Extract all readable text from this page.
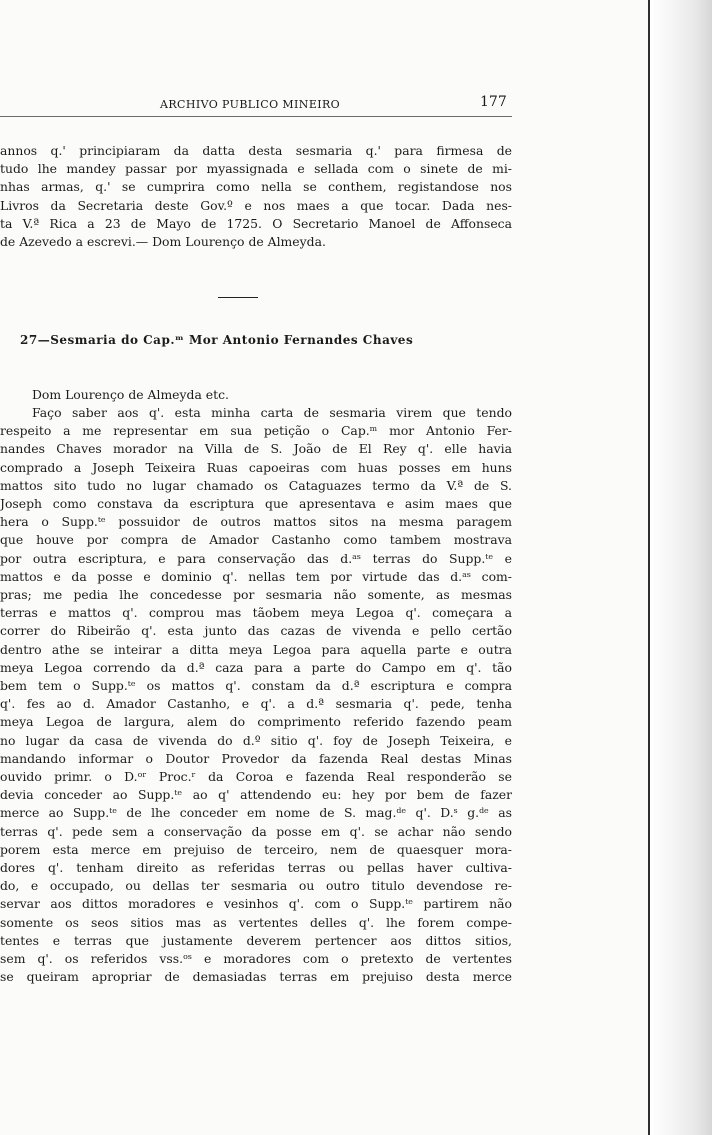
ARCHIVO PUBLICO MINEIRO	177
annos q.' principiaram da datta desta sesmaria q.' para firmesa de
tudo lhe mandey passar por myassignada e sellada com o sinete de mi-
nhas armas, q.' se cumprira como nella se conthem, registandose nos
Livros da Secretaria deste Gov.º e nos maes a que tocar. Dada nes-
ta V.ª Rica a 23 de Mayo de 1725. O Secretario Manoel de Affonseca
de Azevedo a escrevi.— Dom Lourenço de Almeyda.
27—Sesmaria do Cap.ᵐ Mor Antonio Fernandes Chaves
Dom Lourenço de Almeyda etc.
Faço saber aos q'. esta minha carta de sesmaria virem que tendo
respeito a me representar em sua petição o Cap.ᵐ mor Antonio Fer-
nandes Chaves morador na Villa de S. João de El Rey q'. elle havia
comprado a Joseph Teixeira Ruas capoeiras com huas posses em huns
mattos sito tudo no lugar chamado os Cataguazes termo da V.ª de S.
Joseph como constava da escriptura que apresentava e asim maes que
hera o Supp.ᵗᵉ possuidor de outros mattos sitos na mesma paragem
que houve por compra de Amador Castanho como tambem mostrava
por outra escriptura, e para conservação das d.ᵃˢ terras do Supp.ᵗᵉ e
mattos e da posse e dominio q'. nellas tem por virtude das d.ᵃˢ com-
pras; me pedia lhe concedesse por sesmaria não somente, as mesmas
terras e mattos q'. comprou mas tãobem meya Legoa q'. começara a
correr do Ribeirão q'. esta junto das cazas de vivenda e pello certão
dentro athe se inteirar a ditta meya Legoa para aquella parte e outra
meya Legoa correndo da d.ª caza para a parte do Campo em q'. tão
bem tem o Supp.ᵗᵉ os mattos q'. constam da d.ª escriptura e compra
q'. fes ao d. Amador Castanho, e q'. a d.ª sesmaria q'. pede, tenha
meya Legoa de largura, alem do comprimento referido fazendo peam
no lugar da casa de vivenda do d.º sitio q'. foy de Joseph Teixeira, e
mandando informar o Doutor Provedor da fazenda Real destas Minas
ouvido primr. o D.ᵒʳ Proc.ʳ da Coroa e fazenda Real responderão se
devia conceder ao Supp.ᵗᵉ ao q' attendendo eu: hey por bem de fazer
merce ao Supp.ᵗᵉ de lhe conceder em nome de S. mag.ᵈᵉ q'. D.ˢ g.ᵈᵉ as
terras q'. pede sem a conservação da posse em q'. se achar não sendo
porem esta merce em prejuiso de terceiro, nem de quaesquer mora-
dores q'. tenham direito as referidas terras ou pellas haver cultiva-
do, e occupado, ou dellas ter sesmaria ou outro titulo devendose re-
servar aos dittos moradores e vesinhos q'. com o Supp.ᵗᵉ partirem não
somente os seos sitios mas as vertentes delles q'. lhe forem compe-
tentes e terras que justamente deverem pertencer aos dittos sitios,
sem q'. os referidos vss.ᵒˢ e moradores com o pretexto de vertentes
se queiram apropriar de demasiadas terras em prejuiso desta merce
